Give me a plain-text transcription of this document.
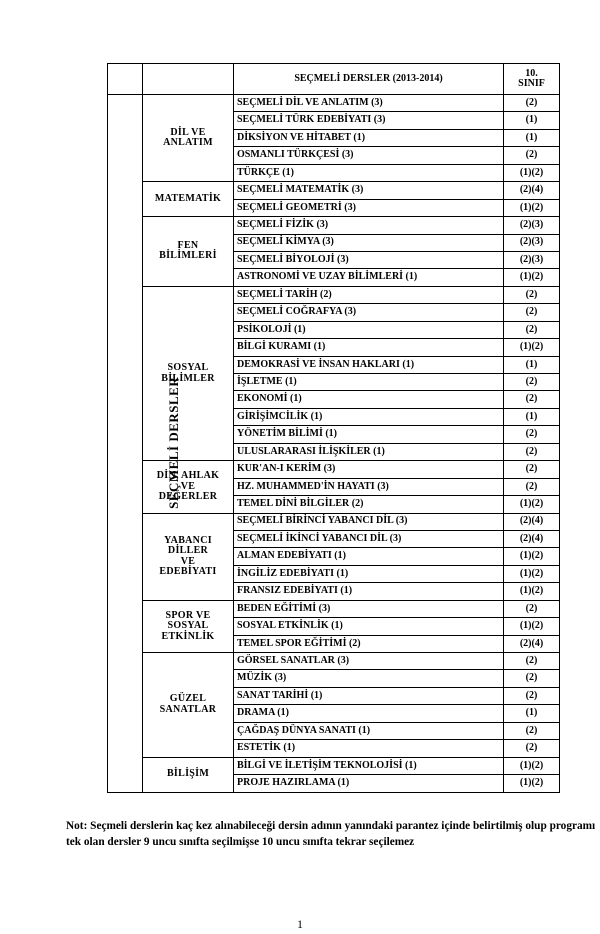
		SEÇMELİ DERSLER (2013-2014)	10.
SINIF
SEÇMELİ DERSLER	DİL VE
ANLATIM	SEÇMELİ DİL VE ANLATIM (3)	(2)
		SEÇMELİ TÜRK EDEBİYATI (3)	(1)
		DİKSİYON VE HİTABET (1)	(1)
		OSMANLI TÜRKÇESİ (3)	(2)
		TÜRKÇE (1)	(1)(2)
	MATEMATİK	SEÇMELİ MATEMATİK (3)	(2)(4)
		SEÇMELİ GEOMETRİ (3)	(1)(2)
	FEN
BİLİMLERİ	SEÇMELİ FİZİK (3)	(2)(3)
		SEÇMELİ KİMYA (3)	(2)(3)
		SEÇMELİ BİYOLOJİ (3)	(2)(3)
		ASTRONOMİ VE UZAY BİLİMLERİ (1)	(1)(2)
	SOSYAL
BİLİMLER	SEÇMELİ TARİH (2)	(2)
		SEÇMELİ COĞRAFYA (3)	(2)
		PSİKOLOJİ (1)	(2)
		BİLGİ KURAMI (1)	(1)(2)
		DEMOKRASİ VE İNSAN HAKLARI (1)	(1)
		İŞLETME (1)	(2)
		EKONOMİ (1)	(2)
		GİRİŞİMCİLİK (1)	(1)
		YÖNETİM BİLİMİ (1)	(2)
		ULUSLARARASI İLİŞKİLER (1)	(2)
	DİN, AHLAK
VE
DEĞERLER	KUR'AN-I KERİM (3)	(2)
		HZ. MUHAMMED'İN HAYATI (3)	(2)
		TEMEL DİNİ BİLGİLER (2)	(1)(2)
	YABANCI
DİLLER
VE
EDEBİYATI	SEÇMELİ BİRİNCİ YABANCI DİL (3)	(2)(4)
		SEÇMELİ İKİNCİ YABANCI DİL (3)	(2)(4)
		ALMAN EDEBİYATI (1)	(1)(2)
		İNGİLİZ EDEBİYATI (1)	(1)(2)
		FRANSIZ EDEBİYATI (1)	(1)(2)
	SPOR VE
SOSYAL
ETKİNLİK	BEDEN EĞİTİMİ (3)	(2)
		SOSYAL ETKİNLİK (1)	(1)(2)
		TEMEL SPOR EĞİTİMİ (2)	(2)(4)
	GÜZEL
SANATLAR	GÖRSEL SANATLAR (3)	(2)
		MÜZİK (3)	(2)
		SANAT TARİHİ (1)	(2)
		DRAMA (1)	(1)
		ÇAĞDAŞ DÜNYA SANATI (1)	(2)
		ESTETİK (1)	(2)
	BİLİŞİM	BİLGİ VE İLETİŞİM TEKNOLOJİSİ (1)	(1)(2)
		PROJE HAZIRLAMA (1)	(1)(2)
Not: Seçmeli derslerin kaç kez alınabileceği dersin adının yanındaki parantez içinde belirtilmiş olup programı tek olan dersler 9 uncu sınıfta seçilmişse 10 uncu sınıfta tekrar seçilemez
1
